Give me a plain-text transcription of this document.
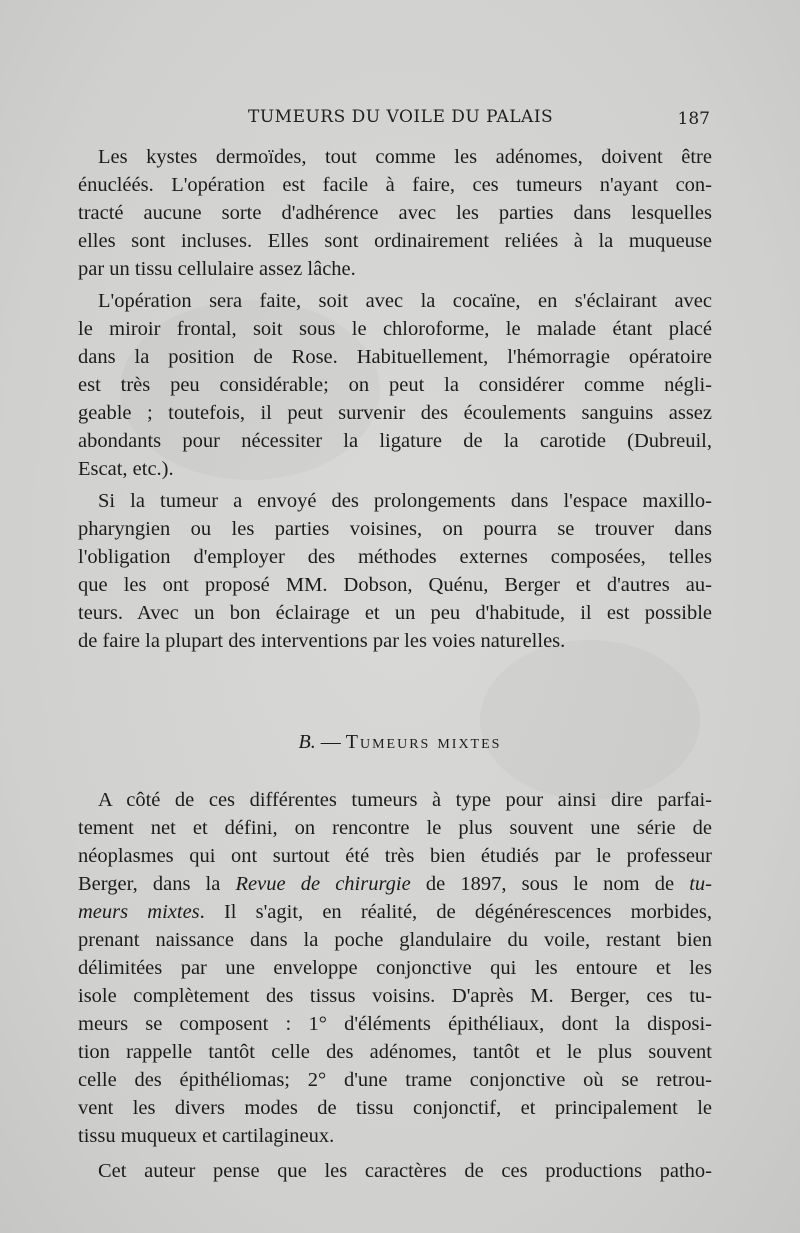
TUMEURS DU VOILE DU PALAIS	187

Les kystes dermoïdes, tout comme les adénomes, doivent être
énucléés. L'opération est facile à faire, ces tumeurs n'ayant con-
tracté aucune sorte d'adhérence avec les parties dans lesquelles
elles sont incluses. Elles sont ordinairement reliées à la muqueuse
par un tissu cellulaire assez lâche.

L'opération sera faite, soit avec la cocaïne, en s'éclairant avec
le miroir frontal, soit sous le chloroforme, le malade étant placé
dans la position de Rose. Habituellement, l'hémorragie opératoire
est très peu considérable; on peut la considérer comme négli-
geable ; toutefois, il peut survenir des écoulements sanguins assez
abondants pour nécessiter la ligature de la carotide (Dubreuil,
Escat, etc.).

Si la tumeur a envoyé des prolongements dans l'espace maxillo-
pharyngien ou les parties voisines, on pourra se trouver dans
l'obligation d'employer des méthodes externes composées, telles
que les ont proposé MM. Dobson, Quénu, Berger et d'autres au-
teurs. Avec un bon éclairage et un peu d'habitude, il est possible
de faire la plupart des interventions par les voies naturelles.

B. — Tumeurs mixtes

A côté de ces différentes tumeurs à type pour ainsi dire parfai-
tement net et défini, on rencontre le plus souvent une série de
néoplasmes qui ont surtout été très bien étudiés par le professeur
Berger, dans la Revue de chirurgie de 1897, sous le nom de tu-
meurs mixtes. Il s'agit, en réalité, de dégénérescences morbides,
prenant naissance dans la poche glandulaire du voile, restant bien
délimitées par une enveloppe conjonctive qui les entoure et les
isole complètement des tissus voisins. D'après M. Berger, ces tu-
meurs se composent : 1° d'éléments épithéliaux, dont la disposi-
tion rappelle tantôt celle des adénomes, tantôt et le plus souvent
celle des épithéliomas; 2° d'une trame conjonctive où se retrou-
vent les divers modes de tissu conjonctif, et principalement le
tissu muqueux et cartilagineux.

Cet auteur pense que les caractères de ces productions patho-
